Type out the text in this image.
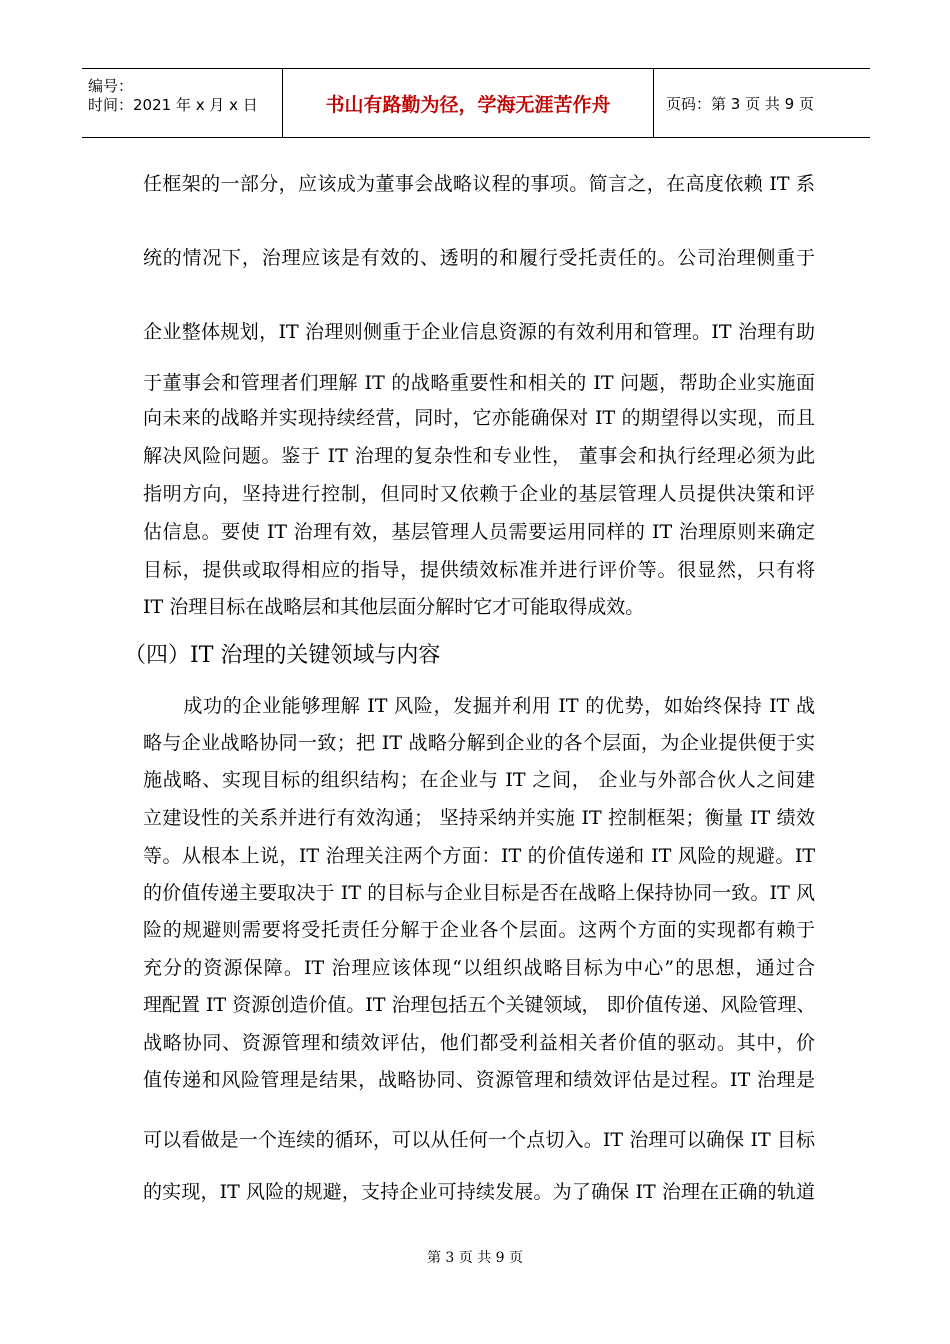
编号：
时间：2021 年 x 月 x 日	书山有路勤为径，学海无涯苦作舟	页码：第 3 页 共 9 页
任框架的一部分，应该成为董事会战略议程的事项。简言之，在高度依赖 IT 系
统的情况下，治理应该是有效的、透明的和履行受托责任的。公司治理侧重于
企业整体规划，IT 治理则侧重于企业信息资源的有效利用和管理。IT 治理有助
于董事会和管理者们理解 IT 的战略重要性和相关的 IT 问题，帮助企业实施面
向未来的战略并实现持续经营，同时，它亦能确保对 IT 的期望得以实现，而且
解决风险问题。鉴于 IT 治理的复杂性和专业性， 董事会和执行经理必须为此
指明方向，坚持进行控制，但同时又依赖于企业的基层管理人员提供决策和评
估信息。要使 IT 治理有效，基层管理人员需要运用同样的 IT 治理原则来确定
目标，提供或取得相应的指导，提供绩效标准并进行评价等。很显然，只有将
IT 治理目标在战略层和其他层面分解时它才可能取得成效。
（四）IT 治理的关键领域与内容
成功的企业能够理解 IT 风险，发掘并利用 IT 的优势，如始终保持 IT 战
略与企业战略协同一致；把 IT 战略分解到企业的各个层面，为企业提供便于实
施战略、实现目标的组织结构；在企业与 IT 之间， 企业与外部合伙人之间建
立建设性的关系并进行有效沟通； 坚持采纳并实施 IT 控制框架；衡量 IT 绩效
等。从根本上说，IT 治理关注两个方面：IT 的价值传递和 IT 风险的规避。IT
的价值传递主要取决于 IT 的目标与企业目标是否在战略上保持协同一致。IT 风
险的规避则需要将受托责任分解于企业各个层面。这两个方面的实现都有赖于
充分的资源保障。IT 治理应该体现“以组织战略目标为中心”的思想，通过合
理配置 IT 资源创造价值。IT 治理包括五个关键领域， 即价值传递、风险管理、
战略协同、资源管理和绩效评估，他们都受利益相关者价值的驱动。其中，价
值传递和风险管理是结果，战略协同、资源管理和绩效评估是过程。IT 治理是
可以看做是一个连续的循环，可以从任何一个点切入。IT 治理可以确保 IT 目标
的实现，IT 风险的规避，支持企业可持续发展。为了确保 IT 治理在正确的轨道
第 3 页 共 9 页
